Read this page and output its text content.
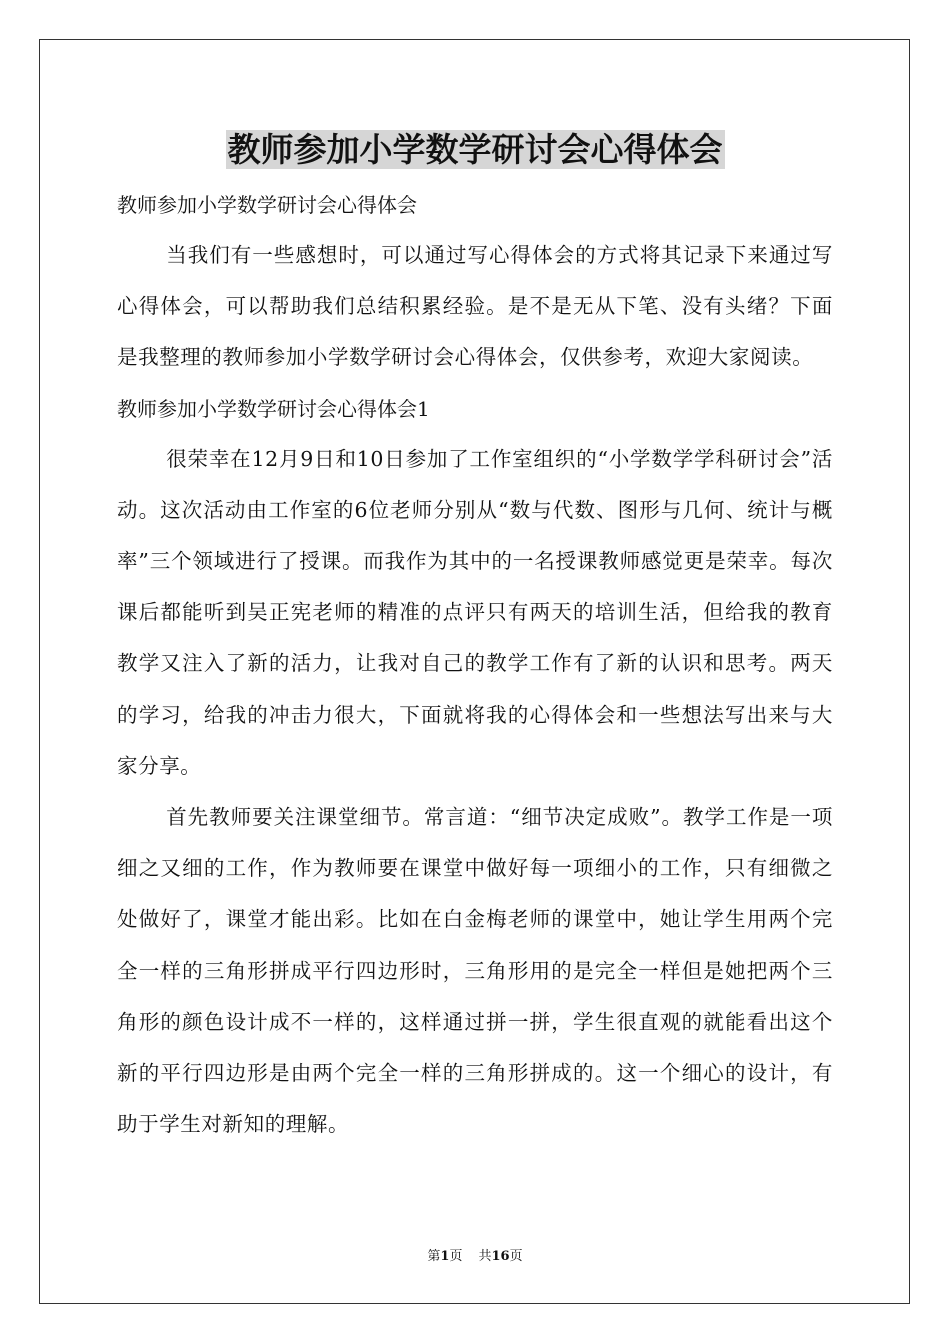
教师参加小学数学研讨会心得体会

教师参加小学数学研讨会心得体会

当我们有一些感想时，可以通过写心得体会的方式将其记录下来通过写心得体会，可以帮助我们总结积累经验。是不是无从下笔、没有头绪？下面是我整理的教师参加小学数学研讨会心得体会，仅供参考，欢迎大家阅读。

教师参加小学数学研讨会心得体会1

很荣幸在12月9日和10日参加了工作室组织的“小学数学学科研讨会”活动。这次活动由工作室的6位老师分别从“数与代数、图形与几何、统计与概率”三个领域进行了授课。而我作为其中的一名授课教师感觉更是荣幸。每次课后都能听到吴正宪老师的精准的点评只有两天的培训生活，但给我的教育教学又注入了新的活力，让我对自己的教学工作有了新的认识和思考。两天的学习，给我的冲击力很大，下面就将我的心得体会和一些想法写出来与大家分享。

首先教师要关注课堂细节。常言道：“细节决定成败”。教学工作是一项细之又细的工作，作为教师要在课堂中做好每一项细小的工作，只有细微之处做好了，课堂才能出彩。比如在白金梅老师的课堂中，她让学生用两个完全一样的三角形拼成平行四边形时，三角形用的是完全一样但是她把两个三角形的颜色设计成不一样的，这样通过拼一拼，学生很直观的就能看出这个新的平行四边形是由两个完全一样的三角形拼成的。这一个细心的设计，有助于学生对新知的理解。

第1页 共16页
